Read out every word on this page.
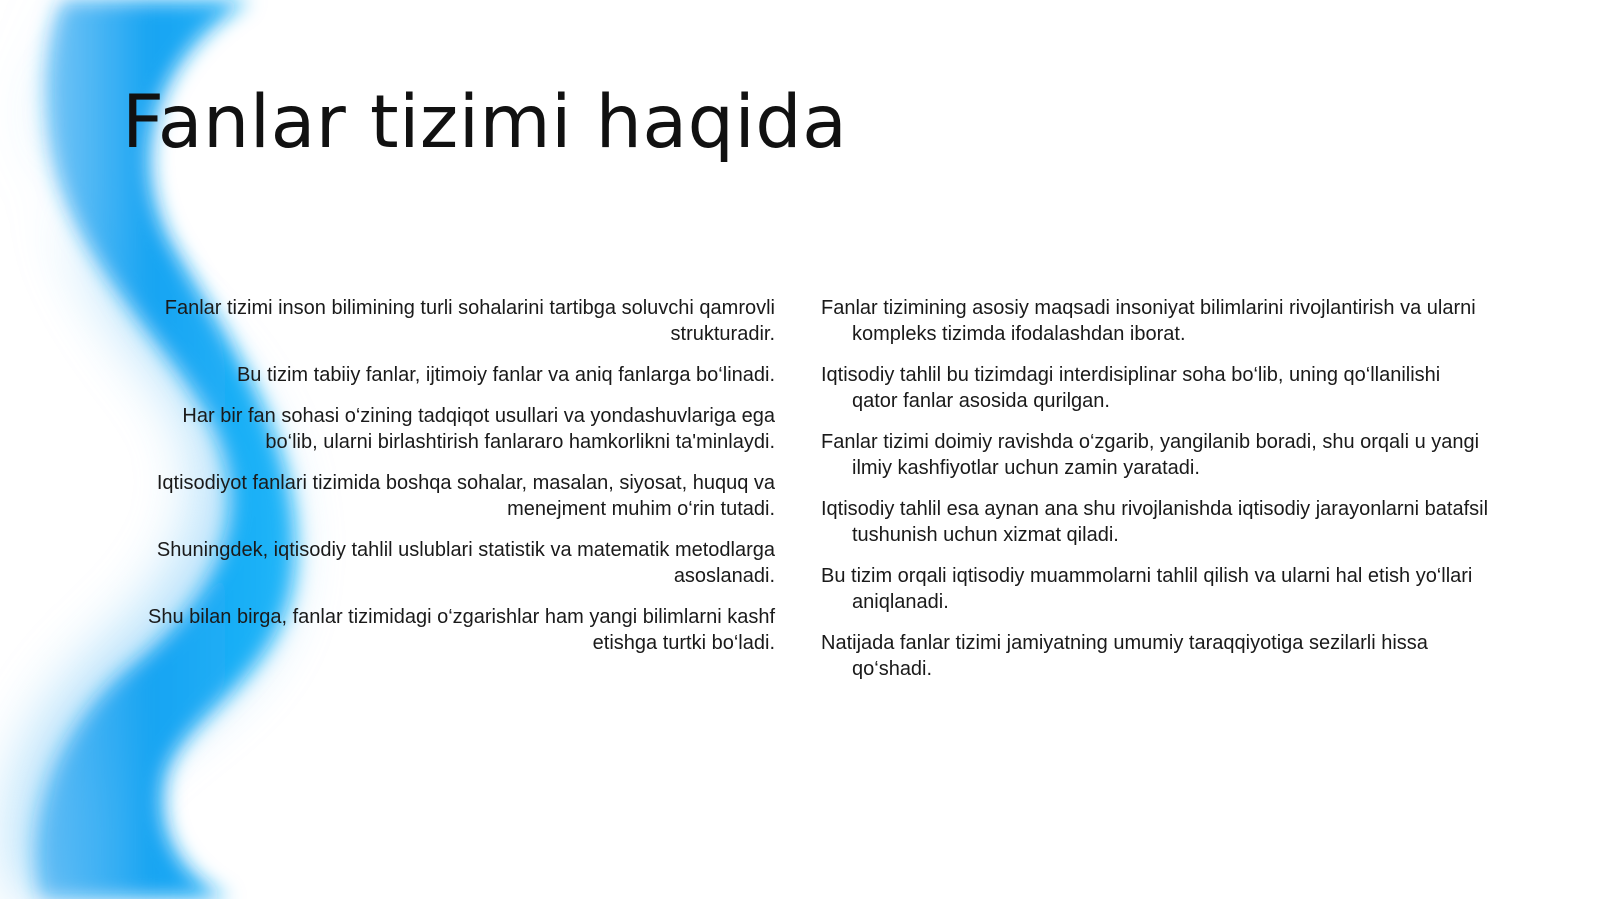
Fanlar tizimi haqida

Fanlar tizimi inson bilimining turli sohalarini tartibga soluvchi qamrovli strukturadir.

Bu tizim tabiiy fanlar, ijtimoiy fanlar va aniq fanlarga bo‘linadi.

Har bir fan sohasi o‘zining tadqiqot usullari va yondashuvlariga ega bo‘lib, ularni birlashtirish fanlararo hamkorlikni ta'minlaydi.

Iqtisodiyot fanlari tizimida boshqa sohalar, masalan, siyosat, huquq va menejment muhim o‘rin tutadi.

Shuningdek, iqtisodiy tahlil uslublari statistik va matematik metodlarga asoslanadi.

Shu bilan birga, fanlar tizimidagi o‘zgarishlar ham yangi bilimlarni kashf etishga turtki bo‘ladi.

Fanlar tizimining asosiy maqsadi insoniyat bilimlarini rivojlantirish va ularni kompleks tizimda ifodalashdan iborat.

Iqtisodiy tahlil bu tizimdagi interdisiplinar soha bo‘lib, uning qo‘llanilishi qator fanlar asosida qurilgan.

Fanlar tizimi doimiy ravishda o‘zgarib, yangilanib boradi, shu orqali u yangi ilmiy kashfiyotlar uchun zamin yaratadi.

Iqtisodiy tahlil esa aynan ana shu rivojlanishda iqtisodiy jarayonlarni batafsil tushunish uchun xizmat qiladi.

Bu tizim orqali iqtisodiy muammolarni tahlil qilish va ularni hal etish yo‘llari aniqlanadi.

Natijada fanlar tizimi jamiyatning umumiy taraqqiyotiga sezilarli hissa qo‘shadi.
